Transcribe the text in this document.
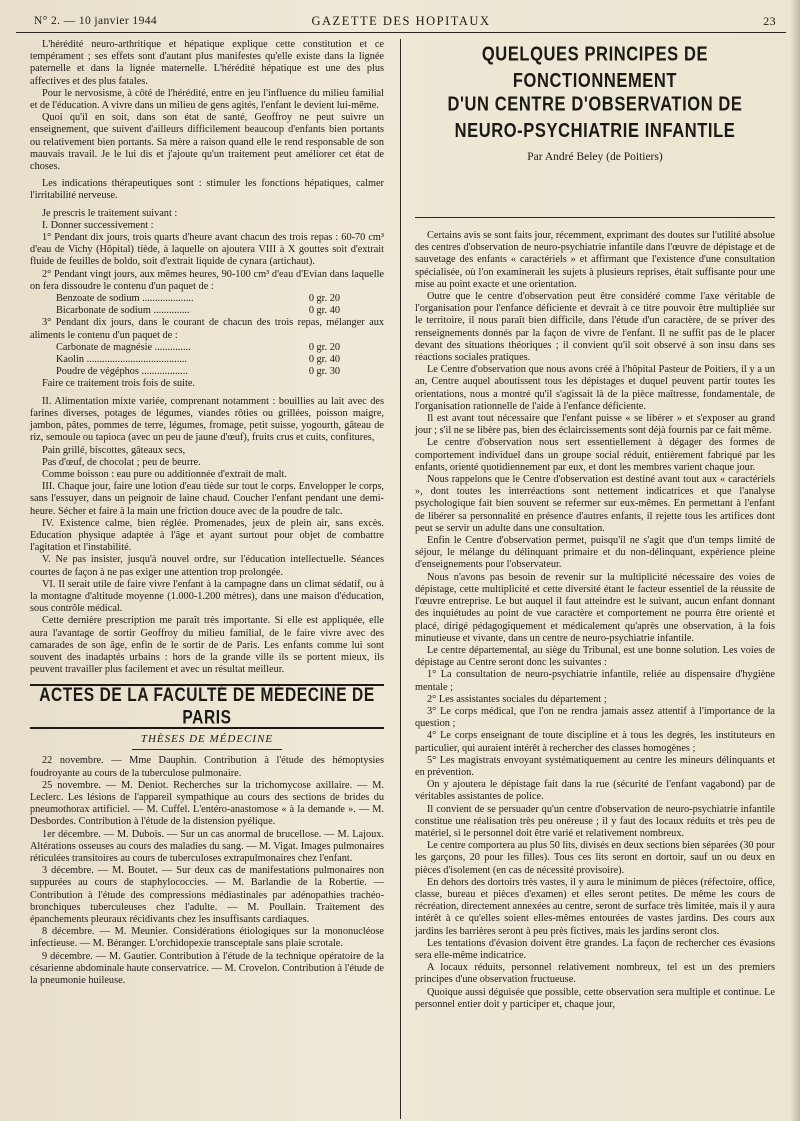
N° 2. — 10 janvier 1944	GAZETTE DES HOPITAUX	23

L'hérédité neuro-arthritique et hépatique explique cette constitution et ce tempérament ; ses effets sont d'autant plus manifestes qu'elle existe dans la lignée paternelle et dans la lignée maternelle. L'hérédité hépatique est une des plus affectives et des plus fatales.

Pour le nervosisme, à côté de l'hérédité, entre en jeu l'influence du milieu familial et de l'éducation. A vivre dans un milieu de gens agités, l'enfant le devient lui-même.

Quoi qu'il en soit, dans son état de santé, Geoffroy ne peut suivre un enseignement, que suivent d'ailleurs difficilement beaucoup d'enfants bien portants ou relativement bien portants. Sa mère a raison quand elle le rend responsable de son mauvais travail. Je le lui dis et j'ajoute qu'un traitement peut améliorer cet état de choses.

Les indications thérapeutiques sont : stimuler les fonctions hépatiques, calmer l'irritabilité nerveuse.

Je prescris le traitement suivant :

I. Donner successivement :

1° Pendant dix jours, trois quarts d'heure avant chacun des trois repas : 60-70 cm³ d'eau de Vichy (Hôpital) tiède, à laquelle on ajoutera VIII à X gouttes soit d'extrait fluide de feuilles de boldo, soit d'extrait liquide de cynara (artichaut).

2° Pendant vingt jours, aux mêmes heures, 90-100 cm³ d'eau d'Evian dans laquelle on fera dissoudre le contenu d'un paquet de :

Benzoate de sodium ....................	0 gr. 20
Bicarbonate de sodium ..............	0 gr. 40

3° Pendant dix jours, dans le courant de chacun des trois repas, mélanger aux aliments le contenu d'un paquet de :

Carbonate de magnésie ..............	0 gr. 20
Kaolin .......................................	0 gr. 40
Poudre de végéphos ..................	0 gr. 30

Faire ce traitement trois fois de suite.

II. Alimentation mixte variée, comprenant notamment : bouillies au lait avec des farines diverses, potages de légumes, viandes rôties ou grillées, poisson maigre, jambon, pâtes, pommes de terre, légumes, fromage, petit suisse, yogourth, gâteau de riz, semoule ou tapioca (avec un peu de jaune d'œuf), fruits crus et cuits, confitures,

Pain grillé, biscottes, gâteaux secs,

Pas d'œuf, de chocolat ; peu de beurre.

Comme boisson : eau pure ou additionnée d'extrait de malt.

III. Chaque jour, faire une lotion d'eau tiède sur tout le corps. Envelopper le corps, sans l'essuyer, dans un peignoir de laine chaud. Coucher l'enfant pendant une demi-heure. Sécher et faire à la main une friction douce avec de la poudre de talc.

IV. Existence calme, bien réglée. Promenades, jeux de plein air, sans excès. Education physique adaptée à l'âge et ayant surtout pour objet de combattre l'agitation et l'instabilité.

V. Ne pas insister, jusqu'à nouvel ordre, sur l'éducation intellectuelle. Séances courtes de façon à ne pas exiger une attention trop prolongée.

VI. Il serait utile de faire vivre l'enfant à la campagne dans un climat sédatif, ou à la montagne d'altitude moyenne (1.000-1.200 mètres), dans une maison d'éducation, sous contrôle médical.

Cette dernière prescription me paraît très importante. Si elle est appliquée, elle aura l'avantage de sortir Geoffroy du milieu familial, de le faire vivre avec des camarades de son âge, enfin de le sortir de de Paris. Les enfants comme lui sont souvent des inadaptés urbains : hors de la grande ville ils se portent mieux, ils peuvent travailler plus facilement et avec un résultat meilleur.

ACTES DE LA FACULTÉ DE MÉDECINE DE PARIS
THÈSES DE MÉDECINE

22 novembre. — Mme Dauphin. Contribution à l'étude des hémoptysies foudroyante au cours de la tuberculose pulmonaire.

25 novembre. — M. Deniot. Recherches sur la trichomycose axillaire. — M. Leclerc. Les lésions de l'appareil sympathique au cours des sections de brides du pneumothorax artificiel. — M. Cuffel. L'entéro-anastomose « à la demande ». — M. Desbordes. Contribution à l'étude de la distension pyélique.

1er décembre. — M. Dubois. — Sur un cas anormal de brucellose. — M. Lajoux. Altérations osseuses au cours des maladies du sang. — M. Vigat. Images pulmonaires réticulées transitoires au cours de tuberculoses extrapulmonaires chez l'enfant.

3 décembre. — M. Boutet. — Sur deux cas de manifestations pulmonaires non suppurées au cours de staphylococcies. — M. Barlandie de la Robertie. — Contribution à l'étude des compressions médiastinales par adénopathies trachéo-bronchiques tuberculeuses chez l'adulte. — M. Poullain. Traitement des épanchements pleuraux récidivants chez les insuffisants cardiaques.

8 décembre. — M. Meunier. Considérations étiologiques sur la mononucléose infectieuse. — M. Béranger. L'orchidopexie transceptale sans plaie scrotale.

9 décembre. — M. Gautier. Contribution à l'étude de la technique opératoire de la césarienne abdominale haute conservatrice. — M. Crovelon. Contribution à l'étude de la pneumonie huileuse.

QUELQUES PRINCIPES DE FONCTIONNEMENT
D'UN CENTRE D'OBSERVATION DE NEURO-PSYCHIATRIE INFANTILE
Par André Beley (de Poitiers)

Certains avis se sont faits jour, récemment, exprimant des doutes sur l'utilité absolue des centres d'observation de neuro-psychiatrie infantile dans l'œuvre de dépistage et de sauvetage des enfants « caractériels » et affirmant que l'existence d'une consultation spécialisée, où l'on examinerait les sujets à plusieurs reprises, était suffisante pour une mise au point exacte et une orientation.

Outre que le centre d'observation peut être considéré comme l'axe véritable de l'organisation pour l'enfance déficiente et devrait à ce titre pouvoir être multipliée sur le territoire, il nous paraît bien difficile, dans l'étude d'un caractère, de se priver des renseignements donnés par la façon de vivre de l'enfant. Il ne suffit pas de le placer devant des situations théoriques ; il convient qu'il soit observé à son insu dans ses réactions sociales pratiques.

Le Centre d'observation que nous avons créé à l'hôpital Pasteur de Poitiers, il y a un an, Centre auquel aboutissent tous les dépistages et duquel peuvent partir toutes les orientations, nous a montré qu'il s'agissait là de la pièce maîtresse, fondamentale, de l'organisation rationnelle de l'aide à l'enfance déficiente.

Il est avant tout nécessaire que l'enfant puisse « se libérer » et s'exposer au grand jour ; s'il ne se libère pas, bien des éclaircissements sont déjà fournis par ce fait même.

Le centre d'observation nous sert essentiellement à dégager des formes de comportement individuel dans un groupe social réduit, entièrement fabriqué par les enfants, orienté quotidiennement par eux, et dont les membres varient chaque jour.

Nous rappelons que le Centre d'observation est destiné avant tout aux « caractériels », dont toutes les interréactions sont nettement indicatrices et que l'analyse psychologique fait bien souvent se refermer sur eux-mêmes. En permettant à l'enfant de libérer sa personnalité en présence d'autres enfants, il rejette tous les artifices dont peut se servir un adulte dans une consultation.

Enfin le Centre d'observation permet, puisqu'il ne s'agit que d'un temps limité de séjour, le mélange du délinquant primaire et du non-délinquant, expérience pleine d'enseignements pour l'observateur.

Nous n'avons pas besoin de revenir sur la multiplicité nécessaire des voies de dépistage, cette multiplicité et cette diversité étant le facteur essentiel de la réussite de l'œuvre entreprise. Le but auquel il faut atteindre est le suivant, aucun enfant donnant des inquiétudes au point de vue caractère et comportement ne pourra être orienté et placé, dirigé pédagogiquement et médicalement qu'après une observation, à la fois minutieuse et vivante, dans un centre de neuro-psychiatrie infantile.

Le centre départemental, au siège du Tribunal, est une bonne solution. Les voies de dépistage au Centre seront donc les suivantes :

1° La consultation de neuro-psychiatrie infantile, reliée au dispensaire d'hygiène mentale ;

2° Les assistantes sociales du département ;

3° Le corps médical, que l'on ne rendra jamais assez attentif à l'importance de la question ;

4° Le corps enseignant de toute discipline et à tous les degrés, les instituteurs en particulier, qui auraient intérêt à rechercher des classes homogènes ;

5° Les magistrats envoyant systématiquement au centre les mineurs délinquants et en prévention.

On y ajoutera le dépistage fait dans la rue (sécurité de l'enfant vagabond) par de véritables assistantes de police.

Il convient de se persuader qu'un centre d'observation de neuro-psychiatrie infantile constitue une réalisation très peu onéreuse ; il y faut des locaux réduits et très peu de matériel, si le personnel doit être varié et relativement nombreux.

Le centre comportera au plus 50 lits, divisés en deux sections bien séparées (30 pour les garçons, 20 pour les filles). Tous ces lits seront en dortoir, sauf un ou deux en pièces d'isolement (en cas de nécessité provisoire).

En dehors des dortoirs très vastes, il y aura le minimum de pièces (réfectoire, office, classe, bureau et pièces d'examen) et elles seront petites. De même les cours de récréation, directement annexées au centre, seront de surface très limitée, mais il y aura intérêt à ce qu'elles soient elles-mêmes entourées de vastes jardins. Des cours aux jardins les barrières seront à peu près fictives, mais les jardins seront clos.

Les tentations d'évasion doivent être grandes. La façon de rechercher ces évasions sera elle-même indicatrice.

A locaux réduits, personnel relativement nombreux, tel est un des premiers principes d'une observation fructueuse.

Quoique aussi déguisée que possible, cette observation sera multiple et continue. Le personnel entier doit y participer et, chaque jour,
